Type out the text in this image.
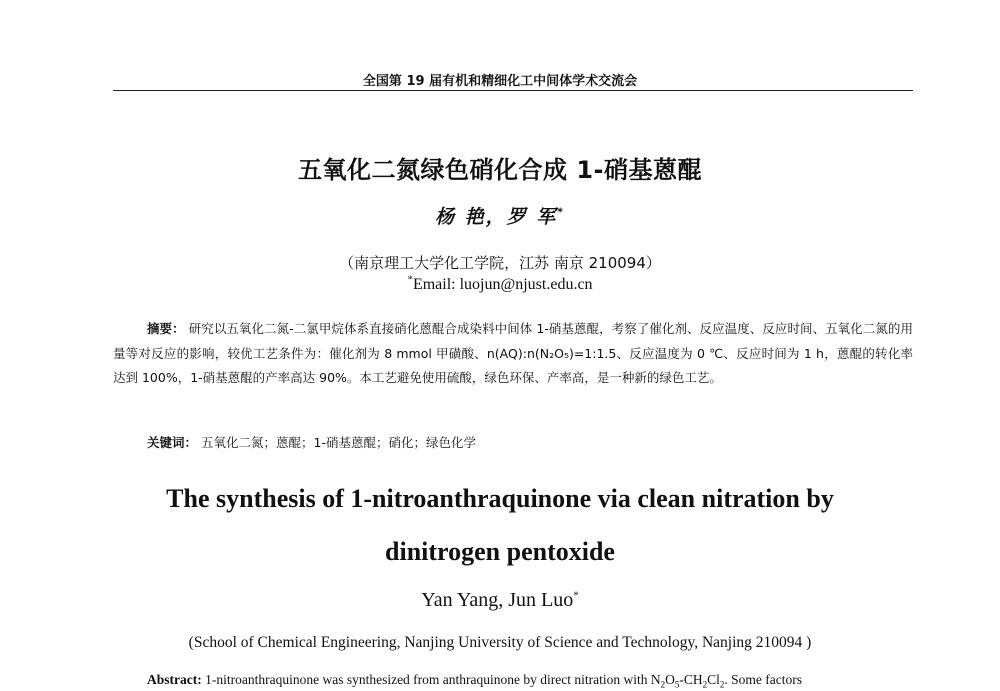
全国第 19 届有机和精细化工中间体学术交流会
五氧化二氮绿色硝化合成 1-硝基蒽醌
杨 艳，罗 军*
（南京理工大学化工学院，江苏 南京 210094）
*Email: luojun@njust.edu.cn
摘要： 研究以五氧化二氮-二氯甲烷体系直接硝化蒽醌合成染料中间体 1-硝基蒽醌，考察了催化剂、反应温度、反应时间、五氧化二氮的用量等对反应的影响，较优工艺条件为：催化剂为 8 mmol 甲磺酸、n(AQ):n(N₂O₅)=1:1.5、反应温度为 0 ℃、反应时间为 1 h，蒽醌的转化率达到 100%，1-硝基蒽醌的产率高达 90%。本工艺避免使用硫酸，绿色环保、产率高，是一种新的绿色工艺。
关键词： 五氧化二氮；蒽醌；1-硝基蒽醌；硝化；绿色化学
The synthesis of 1-nitroanthraquinone via clean nitration by
dinitrogen pentoxide
Yan Yang, Jun Luo*
(School of Chemical Engineering, Nanjing University of Science and Technology, Nanjing 210094 )
Abstract: 1-nitroanthraquinone was synthesized from anthraquinone by direct nitration with $N_2O_5-CH_2Cl_2$. Some factors
